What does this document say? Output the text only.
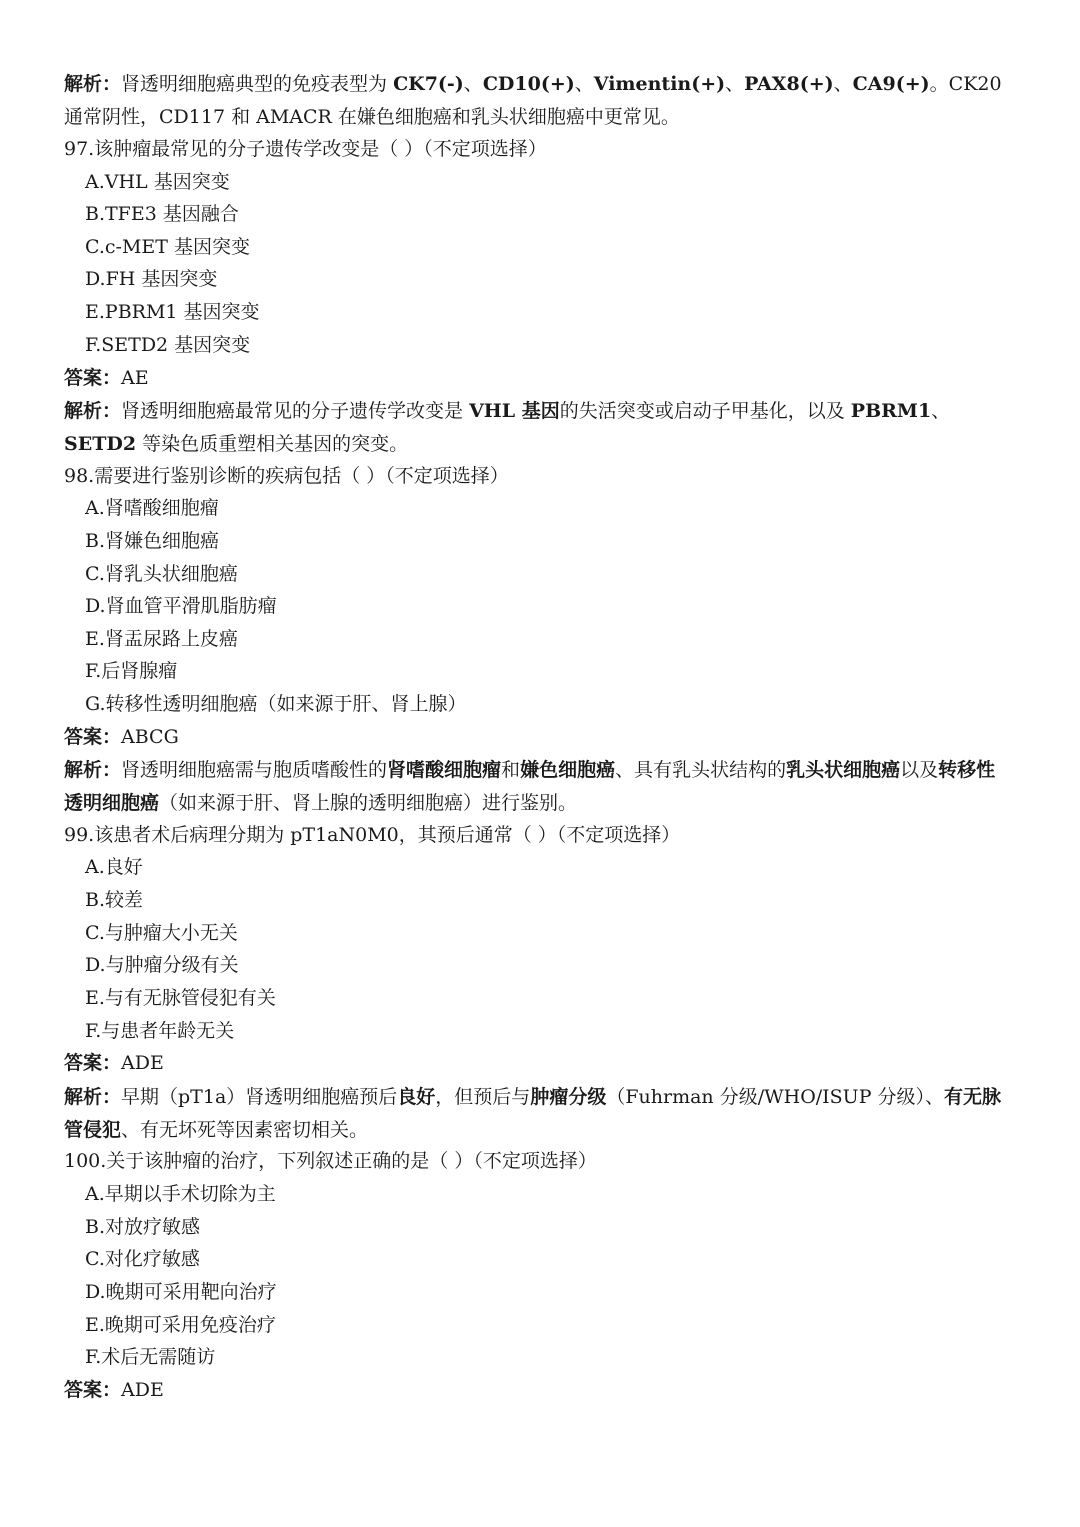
解析：肾透明细胞癌典型的免疫表型为 CK7(-)、CD10(+)、Vimentin(+)、PAX8(+)、CA9(+)。CK20 通常阴性，CD117 和 AMACR 在嫌色细胞癌和乳头状细胞癌中更常见。
97.该肿瘤最常见的分子遗传学改变是（ ）（不定项选择）
A.VHL 基因突变
B.TFE3 基因融合
C.c-MET 基因突变
D.FH 基因突变
E.PBRM1 基因突变
F.SETD2 基因突变
答案：AE
解析：肾透明细胞癌最常见的分子遗传学改变是 VHL 基因的失活突变或启动子甲基化，以及 PBRM1、
SETD2 等染色质重塑相关基因的突变。
98.需要进行鉴别诊断的疾病包括（ ）（不定项选择）
A.肾嗜酸细胞瘤
B.肾嫌色细胞癌
C.肾乳头状细胞癌
D.肾血管平滑肌脂肪瘤
E.肾盂尿路上皮癌
F.后肾腺瘤
G.转移性透明细胞癌（如来源于肝、肾上腺）
答案：ABCG
解析：肾透明细胞癌需与胞质嗜酸性的肾嗜酸细胞瘤和嫌色细胞癌、具有乳头状结构的乳头状细胞癌以及转移性透明细胞癌（如来源于肝、肾上腺的透明细胞癌）进行鉴别。
99.该患者术后病理分期为 pT1aN0M0，其预后通常（ ）（不定项选择）
A.良好
B.较差
C.与肿瘤大小无关
D.与肿瘤分级有关
E.与有无脉管侵犯有关
F.与患者年龄无关
答案：ADE
解析：早期（pT1a）肾透明细胞癌预后良好，但预后与肿瘤分级（Fuhrman 分级/WHO/ISUP 分级）、有无脉管侵犯、有无坏死等因素密切相关。
100.关于该肿瘤的治疗，下列叙述正确的是（ ）（不定项选择）
A.早期以手术切除为主
B.对放疗敏感
C.对化疗敏感
D.晚期可采用靶向治疗
E.晚期可采用免疫治疗
F.术后无需随访
答案：ADE
